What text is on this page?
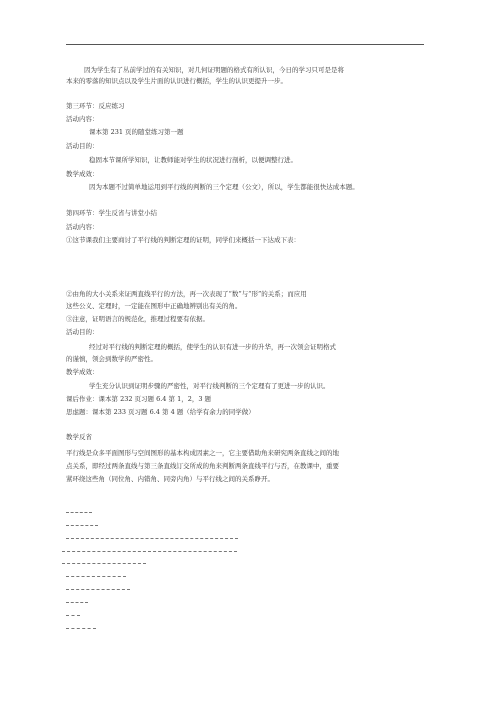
因为学生有了丛前学过的有关知识，对几何证明题的格式有所认识，今日的学习只可是是将
本来的零落的知识点以及学生片面的认识进行概括，学生的认识更提升一步。
第三环节：反应练习
活动内容：
课本第 231 页的随堂练习第一题
活动目的：
稳固本节课所学知识，让教师能对学生的状况进行剖析，以便调整行进。
教学成效：
因为本题不过简单地运用到平行线的判断的三个定理（公文），所以，学生都能很快达成本题。
第四环节：学生反省与讲堂小结
活动内容：
①这节课我们主要商讨了平行线的判断定理的证明，同学们来概括一下达成下表：
②由角的大小关系来证两直线平行的方法，再一次表现了“数”与“形”的关系；而应用
这些公义、定理时，一定能在图形中正确地辨别出有关的角。
③注意，证明语言的规范化，推理过程要有依据。
活动目的：
经过对平行线的判断定理的概括，使学生的认识有进一步的升华，再一次领会证明格式
的谨慎，领会到数学的严密性。
教学成效：
学生充分认识到证明步骤的严密性，对平行线判断的三个定理有了更进一步的认识。
课后作业：课本第 232 页习题 6.4 第 1，2，3 题
思虑题：课本第 233 页习题 6.4 第 4 题（给学有余力的同学做）
教学反省
平行线是众多平面图形与空间图形的基本构成因素之一，它主要借助角来研究两条直线之间的地
点关系，即经过两条直线与第三条直线订交所成的角来判断两条直线平行与否，在教课中，重要
紧环绕这些角（同位角、内错角、同旁内角）与平行线之间的关系睁开。
